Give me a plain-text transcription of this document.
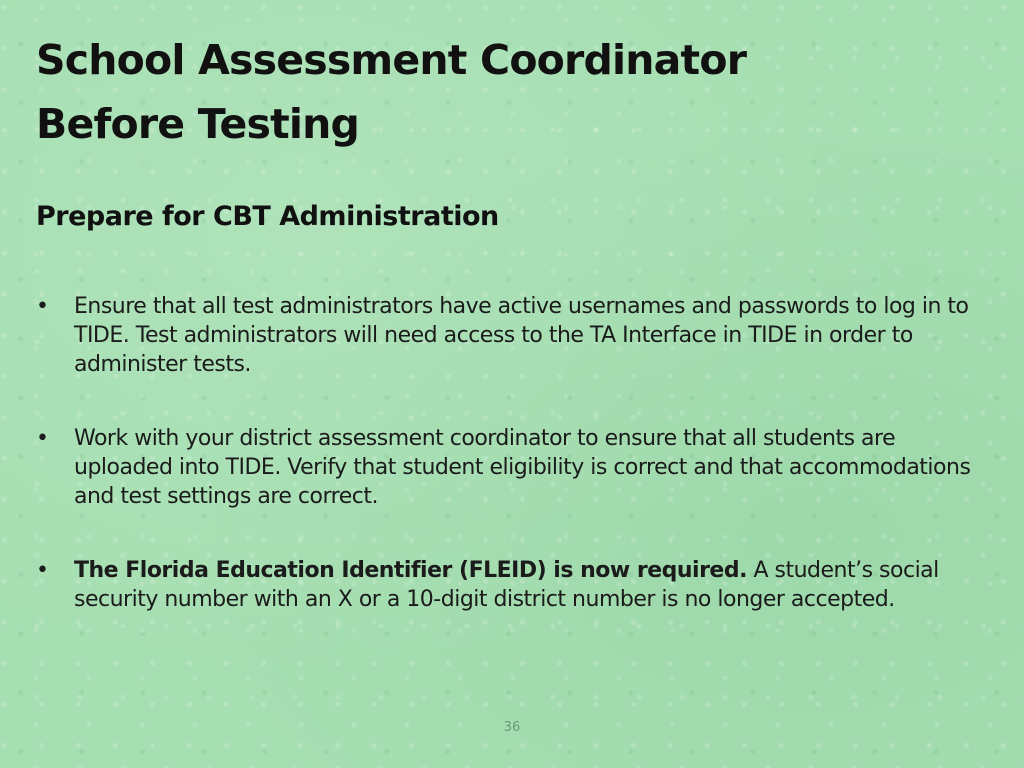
School Assessment Coordinator
Before Testing
Prepare for CBT Administration
• Ensure that all test administrators have active usernames and passwords to log in to TIDE. Test administrators will need access to the TA Interface in TIDE in order to administer tests.
• Work with your district assessment coordinator to ensure that all students are uploaded into TIDE. Verify that student eligibility is correct and that accommodations and test settings are correct.
• The Florida Education Identifier (FLEID) is now required. A student’s social security number with an X or a 10-digit district number is no longer accepted.
36
